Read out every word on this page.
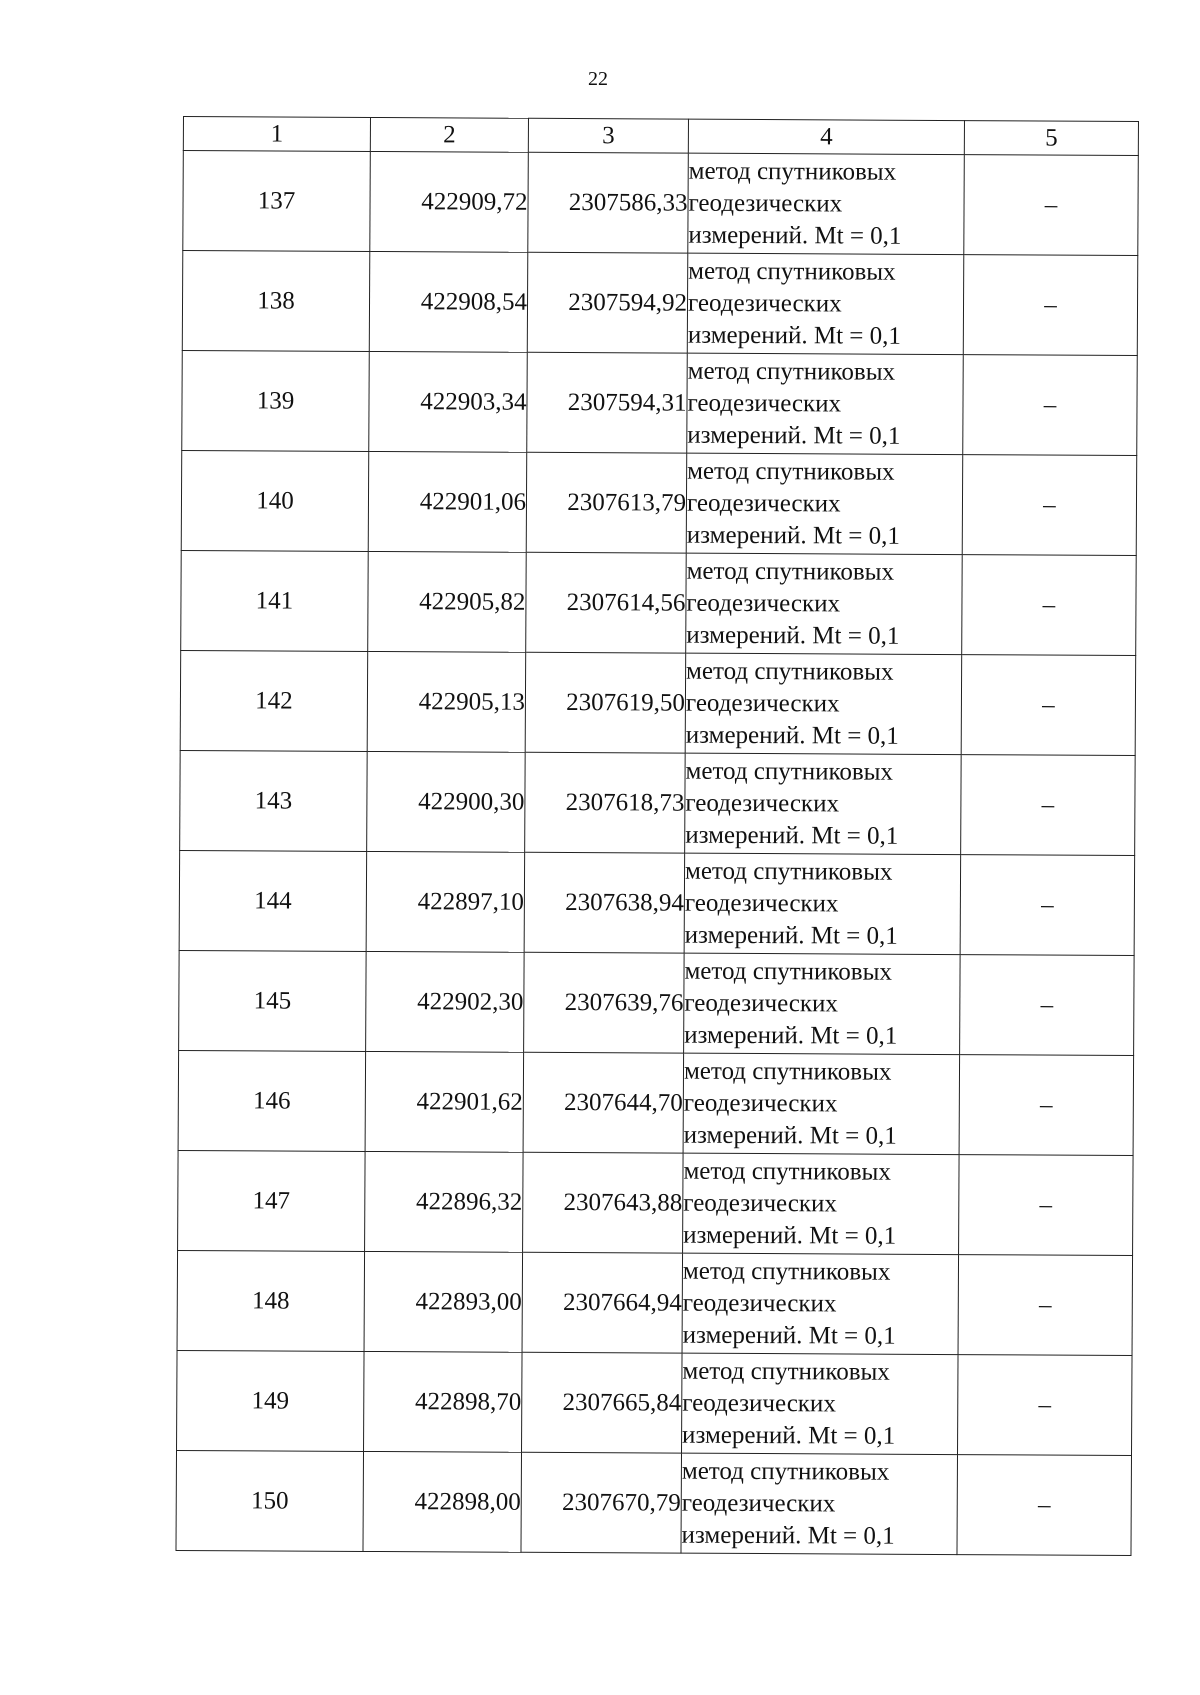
22
1	2	3	4	5
137	422909,72	2307586,33	метод спутниковых
геодезических
измерений. Mt = 0,1	–
138	422908,54	2307594,92	метод спутниковых
геодезических
измерений. Mt = 0,1	–
139	422903,34	2307594,31	метод спутниковых
геодезических
измерений. Mt = 0,1	–
140	422901,06	2307613,79	метод спутниковых
геодезических
измерений. Mt = 0,1	–
141	422905,82	2307614,56	метод спутниковых
геодезических
измерений. Mt = 0,1	–
142	422905,13	2307619,50	метод спутниковых
геодезических
измерений. Mt = 0,1	–
143	422900,30	2307618,73	метод спутниковых
геодезических
измерений. Mt = 0,1	–
144	422897,10	2307638,94	метод спутниковых
геодезических
измерений. Mt = 0,1	–
145	422902,30	2307639,76	метод спутниковых
геодезических
измерений. Mt = 0,1	–
146	422901,62	2307644,70	метод спутниковых
геодезических
измерений. Mt = 0,1	–
147	422896,32	2307643,88	метод спутниковых
геодезических
измерений. Mt = 0,1	–
148	422893,00	2307664,94	метод спутниковых
геодезических
измерений. Mt = 0,1	–
149	422898,70	2307665,84	метод спутниковых
геодезических
измерений. Mt = 0,1	–
150	422898,00	2307670,79	метод спутниковых
геодезических
измерений. Mt = 0,1	–
